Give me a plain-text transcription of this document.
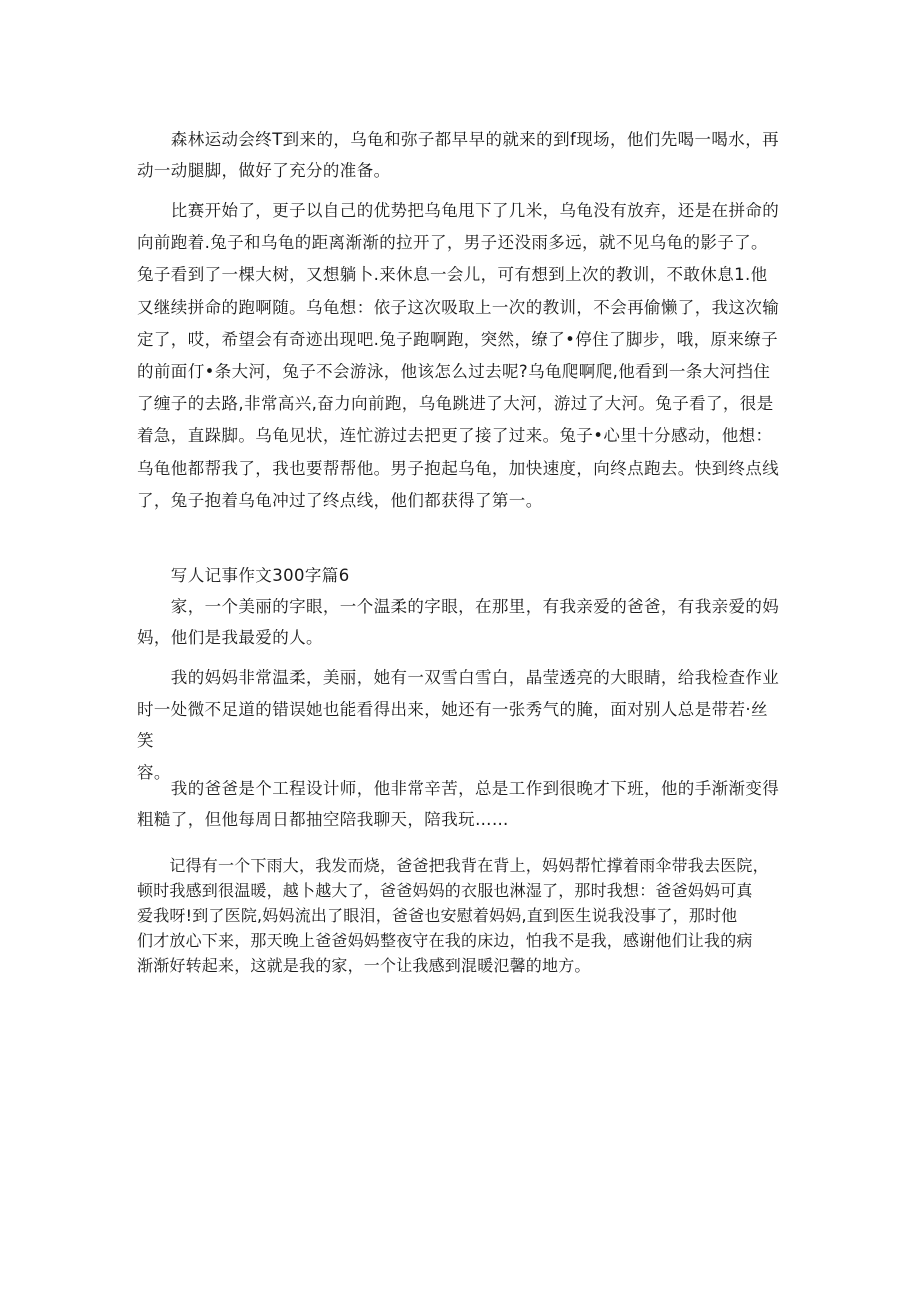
　　森林运动会终T到来的，乌龟和弥子都早早的就来的到f现场，他们先喝一喝水，再
动一动腿脚，做好了充分的准备。

　　比赛开始了，更子以自己的优势把乌龟甩下了几米，乌龟没有放弃，还是在拼命的
向前跑着.兔子和乌龟的距离渐渐的拉开了，男子还没雨多远，就不见乌龟的影子了。
兔子看到了一棵大树，又想躺卜.来休息一会儿，可有想到上次的教训，不敢休息1.他
又继续拼命的跑啊随。乌龟想：依子这次吸取上一次的教训，不会再偷懒了，我这次输
定了，哎，希望会有奇迹出现吧.兔子跑啊跑，突然，缭了•停住了脚步，哦，原来缭子
的前面仃•条大河，兔子不会游泳，他该怎么过去呢?乌龟爬啊爬,他看到一条大河挡住
了缠子的去路,非常高兴,奋力向前跑，乌龟跳进了大河，游过了大河。兔子看了，很是
着急，直跺脚。乌龟见状，连忙游过去把更了接了过来。兔子•心里十分感动，他想：
乌龟他都帮我了，我也要帮帮他。男子抱起乌龟，加快速度，向终点跑去。快到终点线
了，兔子抱着乌龟冲过了终点线，他们都获得了第一。

　　写人记事作文300字篇6

　　家，一个美丽的字眼，一个温柔的字眼，在那里，有我亲爱的爸爸，有我亲爱的妈
妈，他们是我最爱的人。

　　我的妈妈非常温柔，美丽，她有一双雪白雪白，晶莹透亮的大眼睛，给我检查作业
时一处微不足道的错误她也能看得出来，她还有一张秀气的腌，面对别人总是带若·丝笑
容。

　　我的爸爸是个工程设计师，他非常辛苦，总是工作到很晚才下班，他的手渐渐变得
粗糙了，但他每周日都抽空陪我聊天，陪我玩……

　　记得有一个下雨大，我发而烧，爸爸把我背在背上，妈妈帮忙撑着雨伞带我去医院，
顿时我感到很温暖，越卜越大了，爸爸妈妈的衣服也淋湿了，那时我想：爸爸妈妈可真
爱我呀!到了医院,妈妈流出了眼泪，爸爸也安慰着妈妈,直到医生说我没事了，那时他
们才放心下来，那天晚上爸爸妈妈整夜守在我的床边，怕我不是我，感谢他们让我的病
渐渐好转起来，这就是我的家，一个让我感到混暖氾馨的地方。
